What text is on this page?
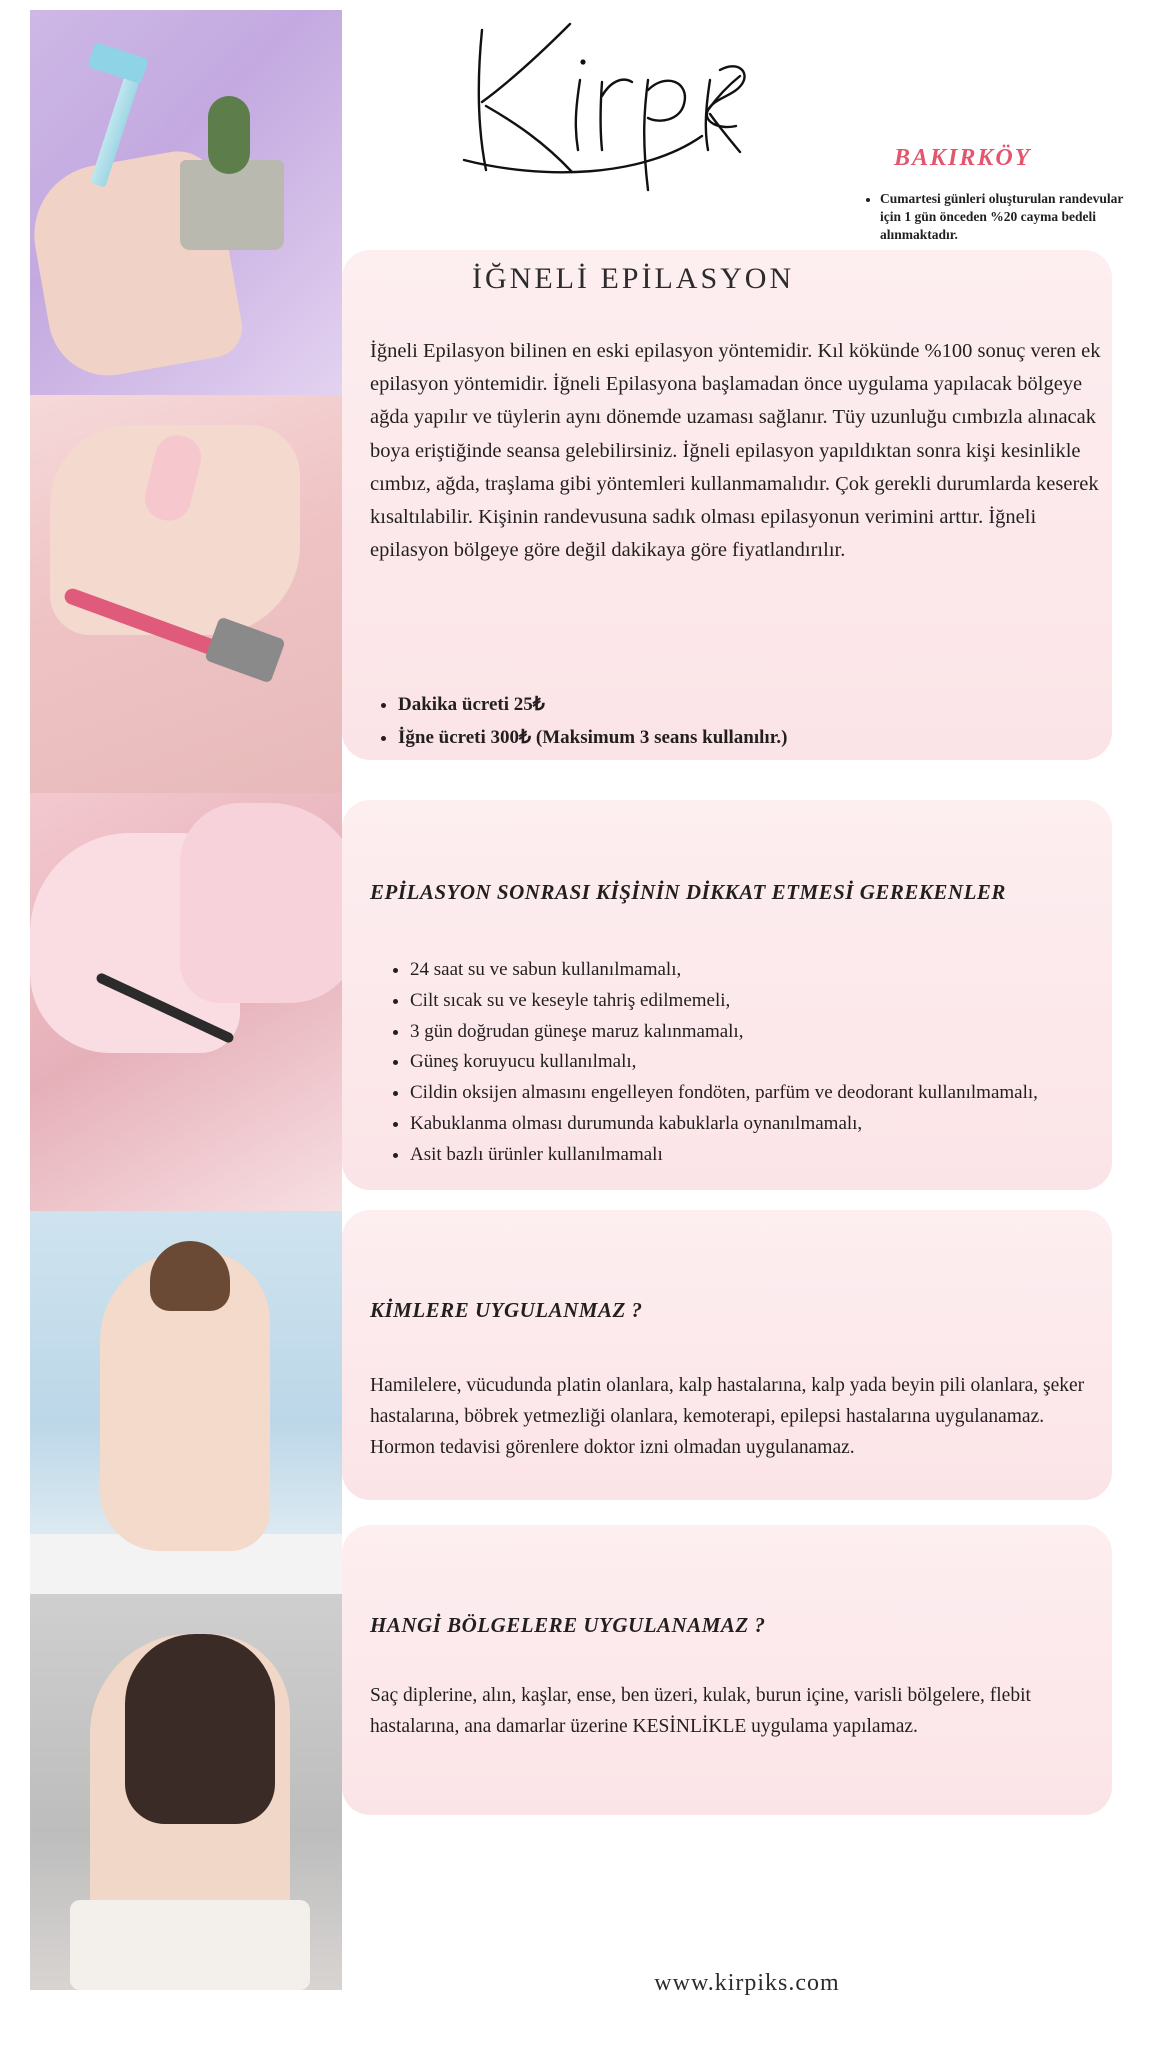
BAKIRKÖY
• Cumartesi günleri oluşturulan randevular için 1 gün önceden %20 cayma bedeli alınmaktadır.
İĞNELİ EPİLASYON
İğneli Epilasyon bilinen en eski epilasyon yöntemidir. Kıl kökünde %100 sonuç veren ek epilasyon yöntemidir. İğneli Epilasyona başlamadan önce uygulama yapılacak bölgeye ağda yapılır ve tüylerin aynı dönemde uzaması sağlanır. Tüy uzunluğu cımbızla alınacak boya eriştiğinde seansa gelebilirsiniz. İğneli epilasyon yapıldıktan sonra kişi kesinlikle cımbız, ağda, traşlama gibi yöntemleri kullanmamalıdır. Çok gerekli durumlarda keserek kısaltılabilir. Kişinin randevusuna sadık olması epilasyonun verimini arttır. İğneli epilasyon bölgeye göre değil dakikaya göre fiyatlandırılır.
• Dakika ücreti 25₺
• İğne ücreti 300₺ (Maksimum 3 seans kullanılır.)
EPİLASYON SONRASI KİŞİNİN DİKKAT ETMESİ GEREKENLER
• 24 saat su ve sabun kullanılmamalı,
• Cilt sıcak su ve keseyle tahriş edilmemeli,
• 3 gün doğrudan güneşe maruz kalınmamalı,
• Güneş koruyucu kullanılmalı,
• Cildin oksijen almasını engelleyen fondöten, parfüm ve deodorant kullanılmamalı,
• Kabuklanma olması durumunda kabuklarla oynanılmamalı,
• Asit bazlı ürünler kullanılmamalı
KİMLERE UYGULANMAZ ?
Hamilelere, vücudunda platin olanlara, kalp hastalarına, kalp yada beyin pili olanlara, şeker hastalarına, böbrek yetmezliği olanlara, kemoterapi, epilepsi hastalarına uygulanamaz. Hormon tedavisi görenlere doktor izni olmadan uygulanamaz.
HANGİ BÖLGELERE UYGULANAMAZ ?
Saç diplerine, alın, kaşlar, ense, ben üzeri, kulak, burun içine, varisli bölgelere, flebit hastalarına, ana damarlar üzerine KESİNLİKLE uygulama yapılamaz.
www.kirpiks.com
